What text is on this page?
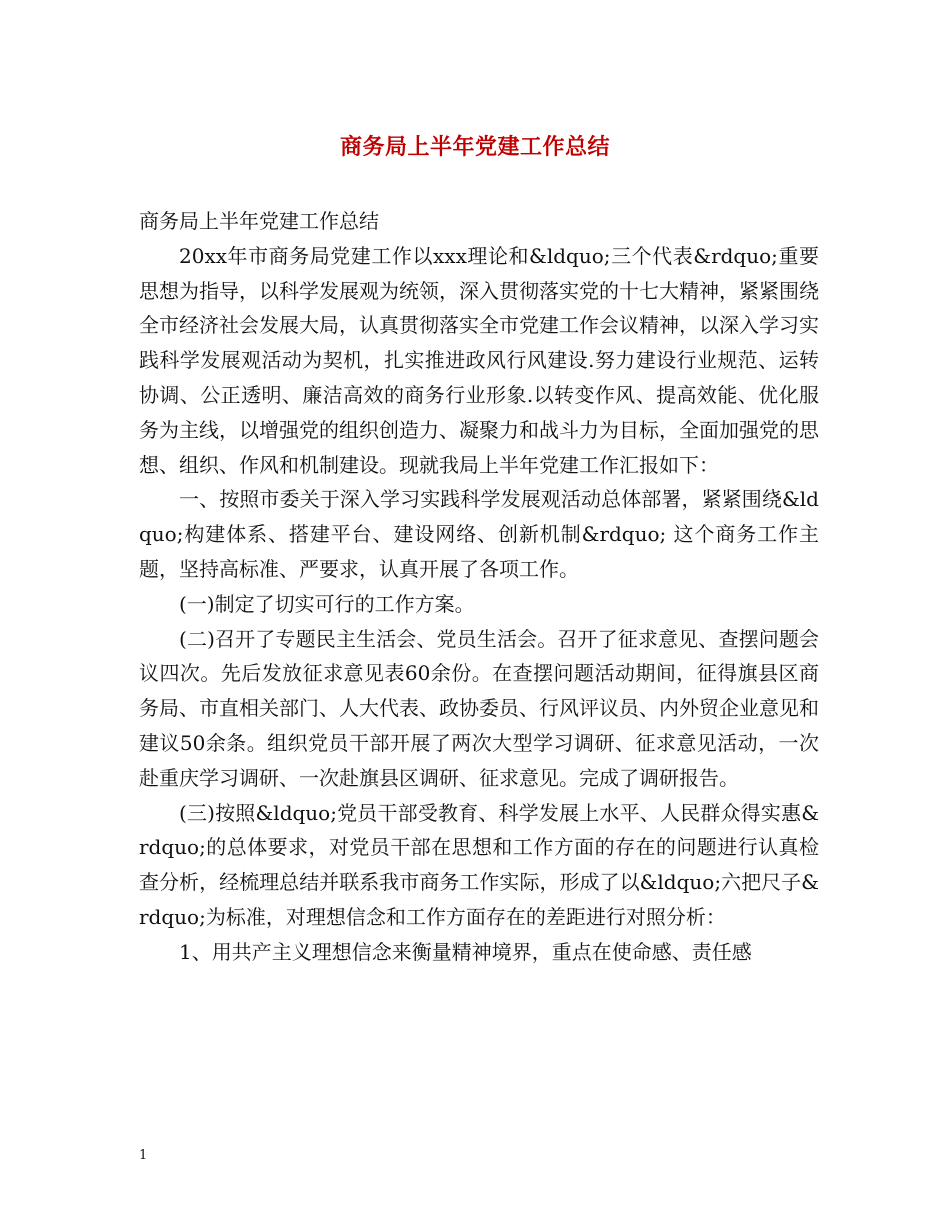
商务局上半年党建工作总结

商务局上半年党建工作总结

20xx年市商务局党建工作以xxx理论和&ldquo;三个代表&rdquo;重要思想为指导，以科学发展观为统领，深入贯彻落实党的十七大精神，紧紧围绕全市经济社会发展大局，认真贯彻落实全市党建工作会议精神，以深入学习实践科学发展观活动为契机，扎实推进政风行风建设.努力建设行业规范、运转协调、公正透明、廉洁高效的商务行业形象.以转变作风、提高效能、优化服务为主线，以增强党的组织创造力、凝聚力和战斗力为目标，全面加强党的思想、组织、作风和机制建设。现就我局上半年党建工作汇报如下：

一、按照市委关于深入学习实践科学发展观活动总体部署，紧紧围绕&ldquo;构建体系、搭建平台、建设网络、创新机制&rdquo; 这个商务工作主题，坚持高标准、严要求，认真开展了各项工作。

(一)制定了切实可行的工作方案。

(二)召开了专题民主生活会、党员生活会。召开了征求意见、查摆问题会议四次。先后发放征求意见表60余份。在查摆问题活动期间，征得旗县区商务局、市直相关部门、人大代表、政协委员、行风评议员、内外贸企业意见和建议50余条。组织党员干部开展了两次大型学习调研、征求意见活动，一次赴重庆学习调研、一次赴旗县区调研、征求意见。完成了调研报告。

(三)按照&ldquo;党员干部受教育、科学发展上水平、人民群众得实惠&rdquo;的总体要求，对党员干部在思想和工作方面的存在的问题进行认真检查分析，经梳理总结并联系我市商务工作实际，形成了以&ldquo;六把尺子&rdquo;为标准，对理想信念和工作方面存在的差距进行对照分析：

1、用共产主义理想信念来衡量精神境界，重点在使命感、责任感

1
